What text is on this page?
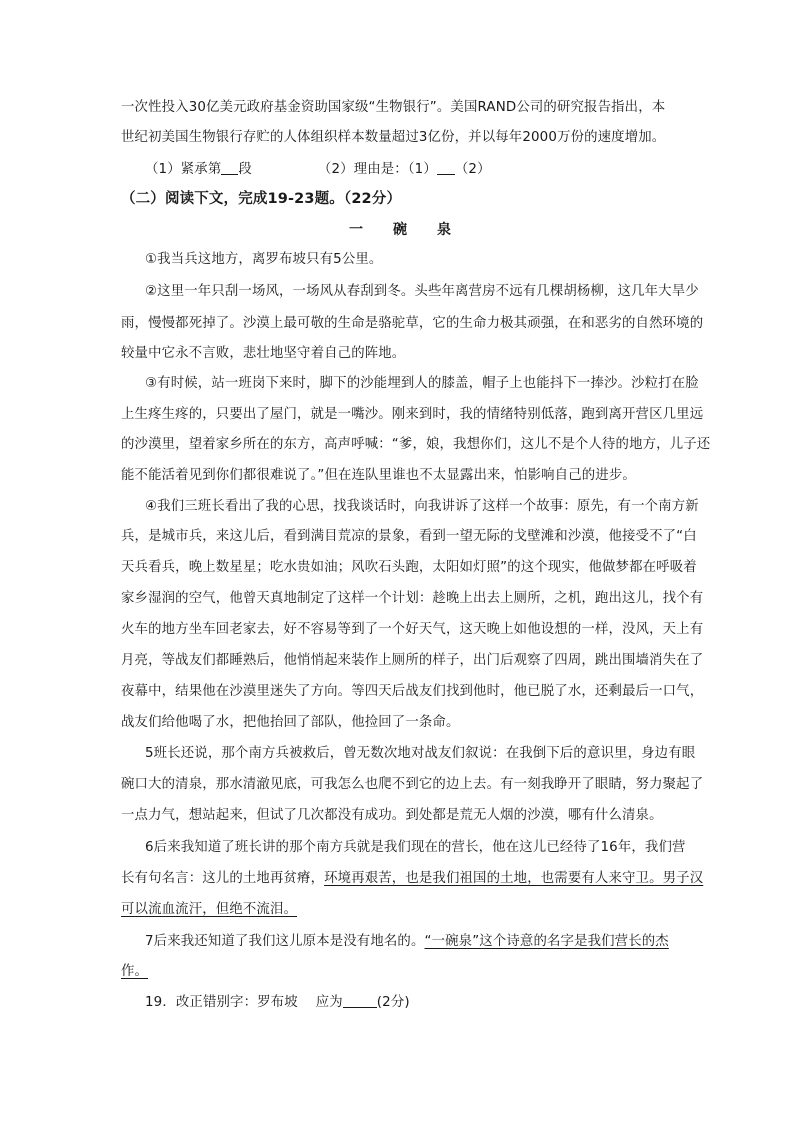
一次性投入30亿美元政府基金资助国家级“生物银行”。美国RAND公司的研究报告指出，本
世纪初美国生物银行存贮的人体组织样本数量超过3亿份，并以每年2000万份的速度增加。
（1）紧承第 段	（2）理由是：（1） （2）
（二）阅读下文，完成19-23题。（22分）
一 碗 泉
①我当兵这地方，离罗布坡只有5公里。
②这里一年只刮一场风，一场风从春刮到冬。头些年离营房不远有几棵胡杨柳，这几年大旱少
雨，慢慢都死掉了。沙漠上最可敬的生命是骆驼草，它的生命力极其顽强，在和恶劣的自然环境的
较量中它永不言败，悲壮地坚守着自己的阵地。
③有时候，站一班岗下来时，脚下的沙能埋到人的膝盖，帽子上也能抖下一捧沙。沙粒打在脸
上生疼生疼的，只要出了屋门，就是一嘴沙。刚来到时，我的情绪特别低落，跑到离开营区几里远
的沙漠里，望着家乡所在的东方，高声呼喊：“爹，娘，我想你们，这儿不是个人待的地方，儿子还
能不能活着见到你们都很难说了。”但在连队里谁也不太显露出来，怕影响自己的进步。
④我们三班长看出了我的心思，找我谈话时，向我讲诉了这样一个故事：原先，有一个南方新
兵，是城市兵，来这儿后，看到满目荒凉的景象，看到一望无际的戈壁滩和沙漠，他接受不了“白
天兵看兵，晚上数星星；吃水贵如油；风吹石头跑，太阳如灯照”的这个现实，他做梦都在呼吸着
家乡湿润的空气，他曾天真地制定了这样一个计划：趁晚上出去上厕所，之机，跑出这儿，找个有
火车的地方坐车回老家去，好不容易等到了一个好天气，这天晚上如他设想的一样，没风，天上有
月亮，等战友们都睡熟后，他悄悄起来装作上厕所的样子，出门后观察了四周，跳出围墙消失在了
夜幕中，结果他在沙漠里迷失了方向。等四天后战友们找到他时，他已脱了水，还剩最后一口气，
战友们给他喝了水，把他抬回了部队，他捡回了一条命。
5班长还说，那个南方兵被救后，曾无数次地对战友们叙说：在我倒下后的意识里，身边有眼
碗口大的清泉，那水清澈见底，可我怎么也爬不到它的边上去。有一刻我睁开了眼睛，努力聚起了
一点力气，想站起来，但试了几次都没有成功。到处都是荒无人烟的沙漠，哪有什么清泉。
6后来我知道了班长讲的那个南方兵就是我们现在的营长，他在这儿已经待了16年，我们营
长有句名言：这儿的土地再贫瘠，环境再艰苦，也是我们祖国的土地，也需要有人来守卫。男子汉
可以流血流汗，但绝不流泪。
7后来我还知道了我们这儿原本是没有地名的。“一碗泉”这个诗意的名字是我们营长的杰
作。
19．改正错别字：罗布坡　 应为	(2分)
